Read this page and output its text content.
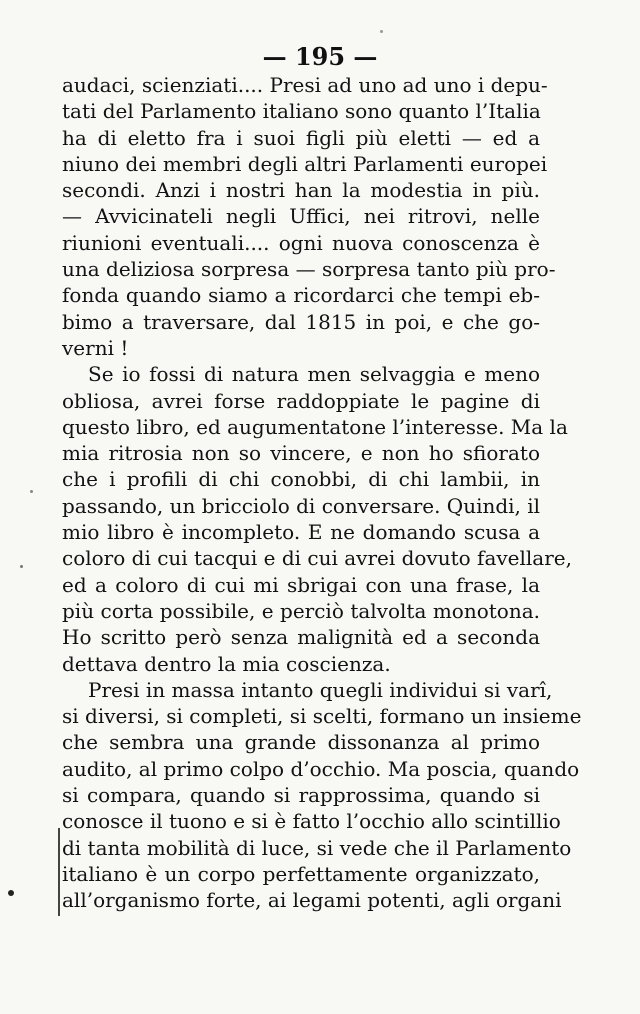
— 195 —
audaci, scienziati.... Presi ad uno ad uno i depu-
tati del Parlamento italiano sono quanto l’Italia
ha di eletto fra i suoi figli più eletti — ed a
niuno dei membri degli altri Parlamenti europei
secondi. Anzi i nostri han la modestia in più.
— Avvicinateli negli Uffici, nei ritrovi, nelle
riunioni eventuali.... ogni nuova conoscenza è
una deliziosa sorpresa — sorpresa tanto più pro-
fonda quando siamo a ricordarci che tempi eb-
bimo a traversare, dal 1815 in poi, e che go-
verni !
Se io fossi di natura men selvaggia e meno
obliosa, avrei forse raddoppiate le pagine di
questo libro, ed augumentatone l’interesse. Ma la
mia ritrosia non so vincere, e non ho sfiorato
che i profili di chi conobbi, di chi lambii, in
passando, un bricciolo di conversare. Quindi, il
mio libro è incompleto. E ne domando scusa a
coloro di cui tacqui e di cui avrei dovuto favellare,
ed a coloro di cui mi sbrigai con una frase, la
più corta possibile, e perciò talvolta monotona.
Ho scritto però senza malignità ed a seconda
dettava dentro la mia coscienza.
Presi in massa intanto quegli individui si varî,
si diversi, si completi, si scelti, formano un insieme
che sembra una grande dissonanza al primo
audito, al primo colpo d’occhio. Ma poscia, quando
si compara, quando si rapprossima, quando si
conosce il tuono e si è fatto l’occhio allo scintillio
di tanta mobilità di luce, si vede che il Parlamento
italiano è un corpo perfettamente organizzato,
all’organismo forte, ai legami potenti, agli organi
